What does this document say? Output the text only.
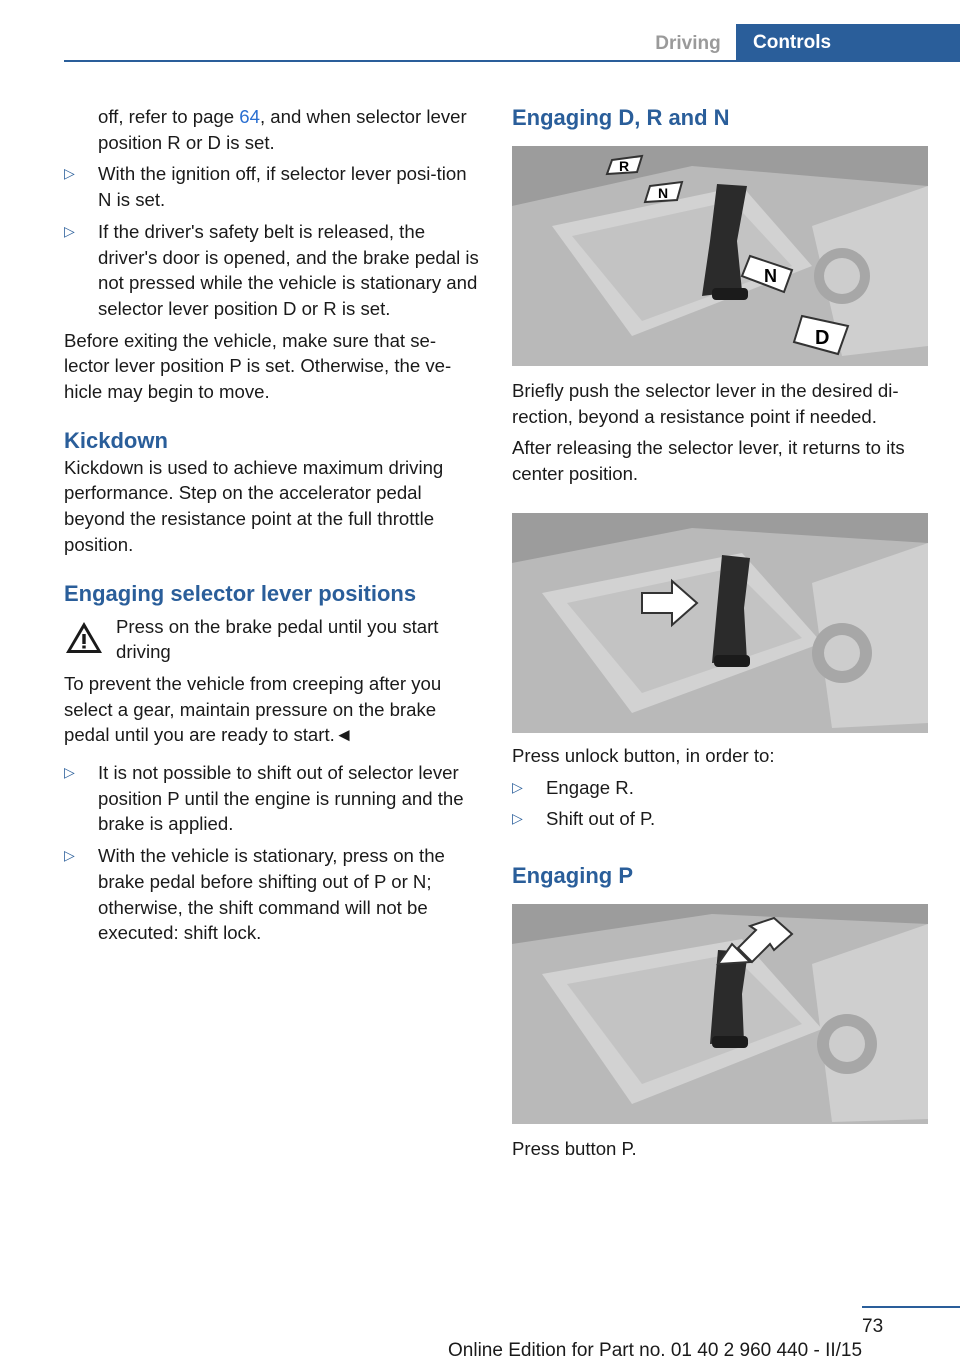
Driving	Controls

off, refer to page 64, and when selector lever position R or D is set.

▷ With the ignition off, if selector lever posi‐tion N is set.

▷ If the driver's safety belt is released, the driver's door is opened, and the brake pedal is not pressed while the vehicle is stationary and selector lever position D or R is set.

Before exiting the vehicle, make sure that se‐lector lever position P is set. Otherwise, the ve‐hicle may begin to move.

Kickdown

Kickdown is used to achieve maximum driving performance. Step on the accelerator pedal beyond the resistance point at the full throttle position.

Engaging selector lever positions

Press on the brake pedal until you start driving

To prevent the vehicle from creeping after you select a gear, maintain pressure on the brake pedal until you are ready to start.◄

▷ It is not possible to shift out of selector lever position P until the engine is running and the brake is applied.

▷ With the vehicle is stationary, press on the brake pedal before shifting out of P or N; otherwise, the shift command will not be executed: shift lock.

Engaging D, R and N
R
N
N
D

Briefly push the selector lever in the desired di‐rection, beyond a resistance point if needed.

After releasing the selector lever, it returns to its center position.

Press unlock button, in order to:

▷ Engage R.

▷ Shift out of P.

Engaging P

Press button P.

73
Online Edition for Part no. 01 40 2 960 440 - II/15
